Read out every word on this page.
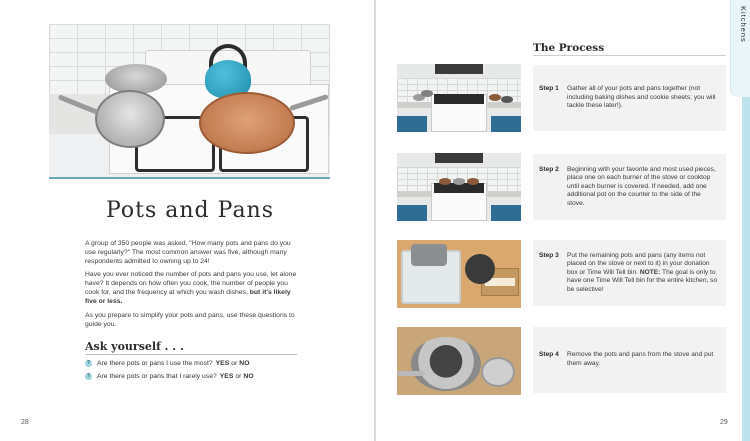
Pots and Pans
A group of 350 people was asked, "How many pots and pans do you use regularly?" The most common answer was five, although many respondents admitted to owning up to 24!
Have you ever noticed the number of pots and pans you use, let alone have? It depends on how often you cook, the number of people you cook for, and the frequency at which you wash dishes, but it's likely five or less.
As you prepare to simplify your pots and pans, use these questions to guide you.
Ask yourself . . .
? Are there pots or pans I use the most? YES or NO
? Are there pots or pans that I rarely use? YES or NO
28
The Process
Step 1	Gather all of your pots and pans together (not including baking dishes and cookie sheets; you will tackle these later!).
Step 2	Beginning with your favorite and most used pieces, place one on each burner of the stove or cooktop until each burner is covered. If needed, add one additional pot on the counter to the side of the stove.
Step 3	Put the remaining pots and pans (any items not placed on the stove or next to it) in your donation box or Time Will Tell bin. NOTE: The goal is only to have one Time Will Tell bin for the entire kitchen, so be selective!
Step 4	Remove the pots and pans from the stove and put them away.
Kitchens
29
